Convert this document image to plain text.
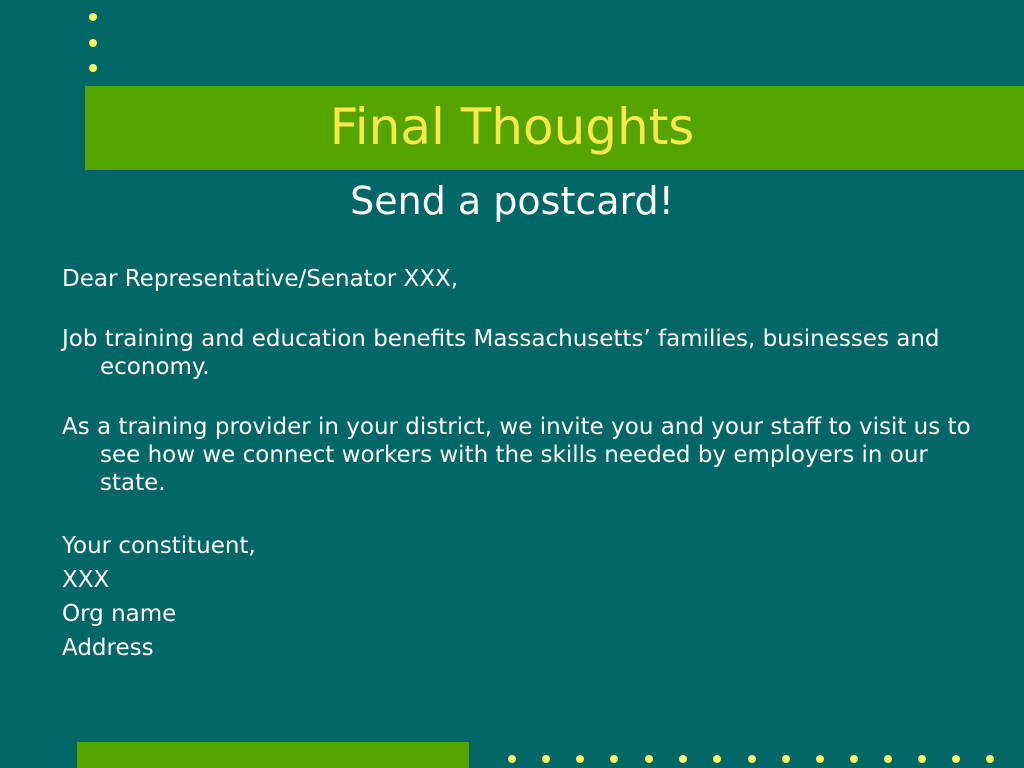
Final Thoughts
Send a postcard!

Dear Representative/Senator XXX,

Job training and education benefits Massachusetts’ families, businesses and economy.

As a training provider in your district, we invite you and your staff to visit us to see how we connect workers with the skills needed by employers in our state.

Your constituent,

XXX

Org name

Address
